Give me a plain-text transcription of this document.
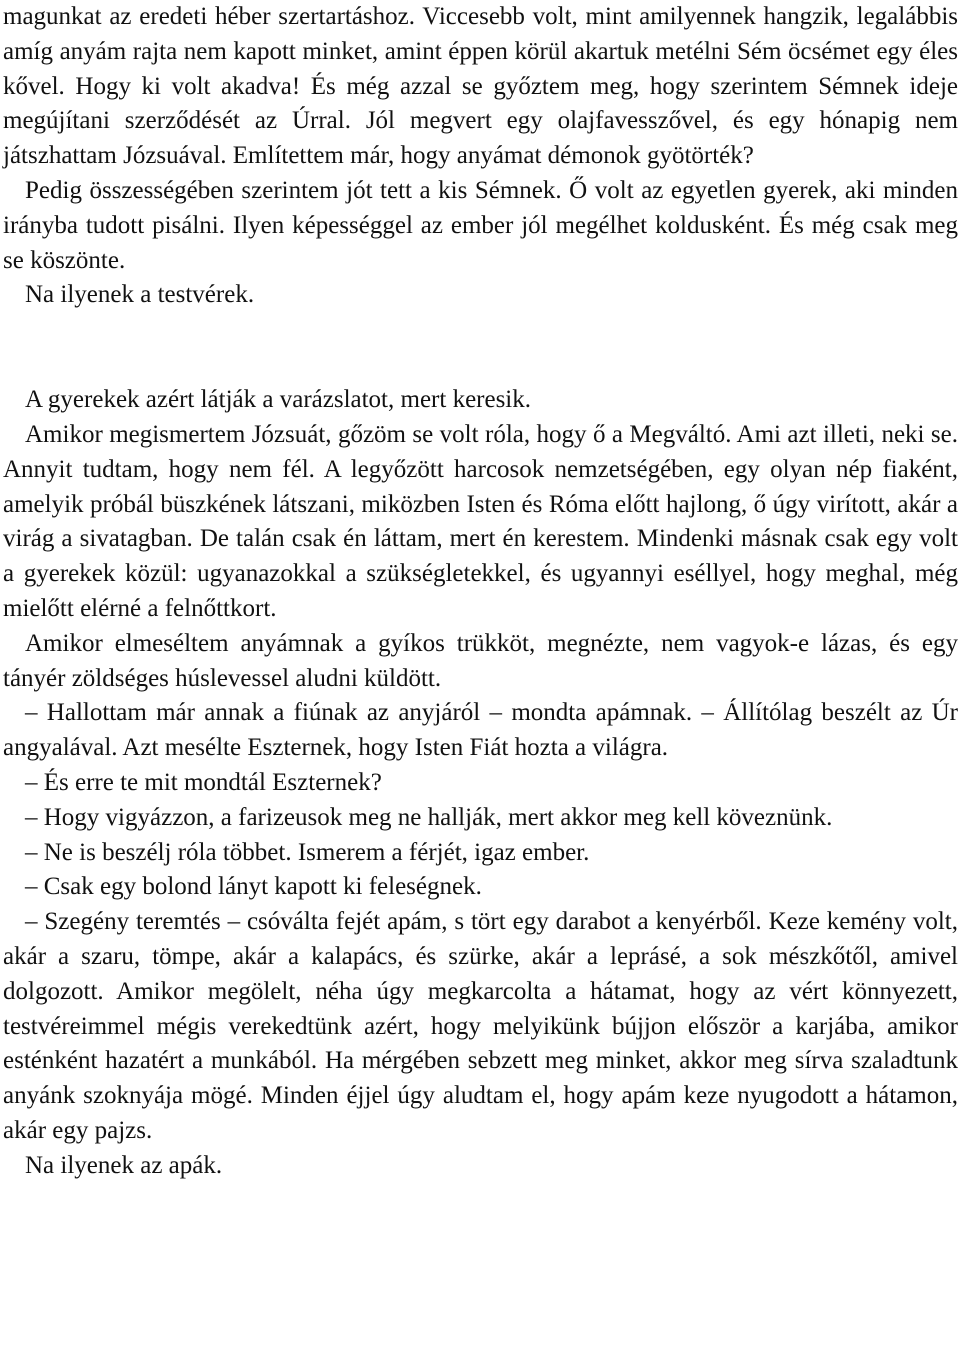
magunkat az eredeti héber szertartáshoz. Viccesebb volt, mint amilyennek hangzik, legalábbis amíg anyám rajta nem kapott minket, amint éppen körül akartuk metélni Sém öcsémet egy éles kővel. Hogy ki volt akadva! És még azzal se győztem meg, hogy szerintem Sémnek ideje megújítani szerződését az Úrral. Jól megvert egy olajfavesszővel, és egy hónapig nem játszhattam Józsuával. Említettem már, hogy anyámat démonok gyötörték?

Pedig összességében szerintem jót tett a kis Sémnek. Ő volt az egyetlen gyerek, aki minden irányba tudott pisálni. Ilyen képességgel az ember jól megélhet koldusként. És még csak meg se köszönte.

Na ilyenek a testvérek.

A gyerekek azért látják a varázslatot, mert keresik.

Amikor megismertem Józsuát, gőzöm se volt róla, hogy ő a Megváltó. Ami azt illeti, neki se. Annyit tudtam, hogy nem fél. A legyőzött harcosok nemzetségében, egy olyan nép fiaként, amelyik próbál büszkének látszani, miközben Isten és Róma előtt hajlong, ő úgy virított, akár a virág a sivatagban. De talán csak én láttam, mert én kerestem. Mindenki másnak csak egy volt a gyerekek közül: ugyanazokkal a szükségletekkel, és ugyannyi eséllyel, hogy meghal, még mielőtt elérné a felnőttkort.

Amikor elmeséltem anyámnak a gyíkos trükköt, megnézte, nem vagyok-e lázas, és egy tányér zöldséges húslevessel aludni küldött.

– Hallottam már annak a fiúnak az anyjáról – mondta apámnak. – Állítólag beszélt az Úr angyalával. Azt mesélte Eszternek, hogy Isten Fiát hozta a világra.

– És erre te mit mondtál Eszternek?

– Hogy vigyázzon, a farizeusok meg ne hallják, mert akkor meg kell köveznünk.

– Ne is beszélj róla többet. Ismerem a férjét, igaz ember.

– Csak egy bolond lányt kapott ki feleségnek.

– Szegény teremtés – csóválta fejét apám, s tört egy darabot a kenyérből. Keze kemény volt, akár a szaru, tömpe, akár a kalapács, és szürke, akár a leprásé, a sok mészkőtől, amivel dolgozott. Amikor megölelt, néha úgy megkarcolta a hátamat, hogy az vért könnyezett, testvéreimmel mégis verekedtünk azért, hogy melyikünk bújjon először a karjába, amikor esténként hazatért a munkából. Ha mérgében sebzett meg minket, akkor meg sírva szaladtunk anyánk szoknyája mögé. Minden éjjel úgy aludtam el, hogy apám keze nyugodott a hátamon, akár egy pajzs.

Na ilyenek az apák.
